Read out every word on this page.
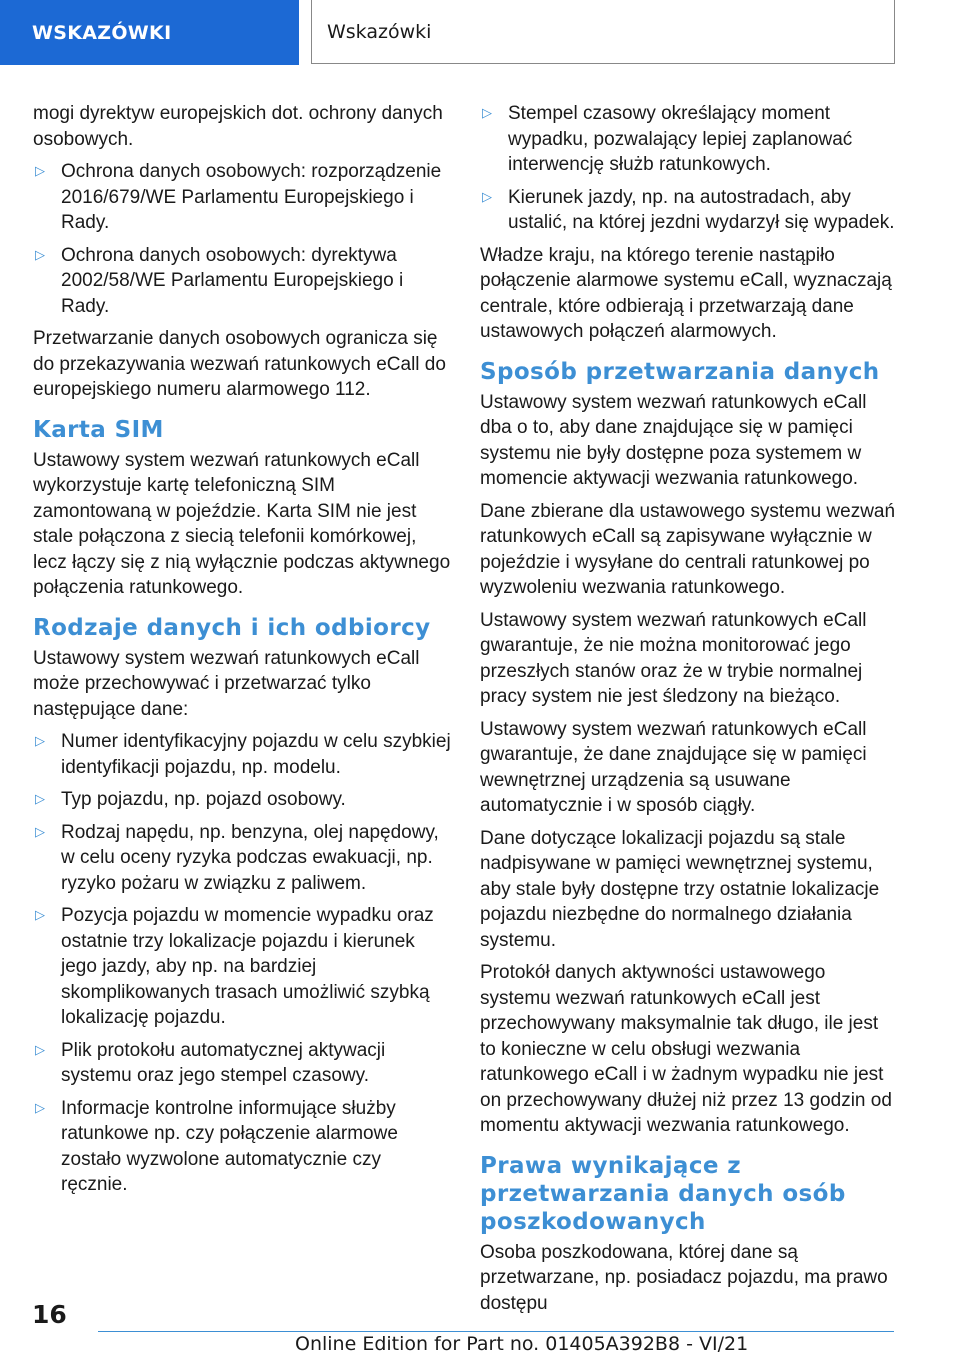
WSKAZÓWKI	Wskazówki

mogi dyrektyw europejskich dot. ochrony danych osobowych.

▷ Ochrona danych osobowych: rozporządzenie 2016/679/WE Parlamentu Europejskiego i Rady.
▷ Ochrona danych osobowych: dyrektywa 2002/58/WE Parlamentu Europejskiego i Rady.

Przetwarzanie danych osobowych ogranicza się do przekazywania wezwań ratunkowych eCall do europejskiego numeru alarmowego 112.

Karta SIM

Ustawowy system wezwań ratunkowych eCall wykorzystuje kartę telefoniczną SIM zamontowaną w pojeździe. Karta SIM nie jest stale połączona z siecią telefonii komórkowej, lecz łączy się z nią wyłącznie podczas aktywnego połączenia ratunkowego.

Rodzaje danych i ich odbiorcy

Ustawowy system wezwań ratunkowych eCall może przechowywać i przetwarzać tylko następujące dane:

▷ Numer identyfikacyjny pojazdu w celu szybkiej identyfikacji pojazdu, np. modelu.
▷ Typ pojazdu, np. pojazd osobowy.
▷ Rodzaj napędu, np. benzyna, olej napędowy, w celu oceny ryzyka podczas ewakuacji, np. ryzyko pożaru w związku z paliwem.
▷ Pozycja pojazdu w momencie wypadku oraz ostatnie trzy lokalizacje pojazdu i kierunek jego jazdy, aby np. na bardziej skomplikowanych trasach umożliwić szybką lokalizację pojazdu.
▷ Plik protokołu automatycznej aktywacji systemu oraz jego stempel czasowy.
▷ Informacje kontrolne informujące służby ratunkowe np. czy połączenie alarmowe zostało wyzwolone automatycznie czy ręcznie.
▷ Stempel czasowy określający moment wypadku, pozwalający lepiej zaplanować interwencję służb ratunkowych.
▷ Kierunek jazdy, np. na autostradach, aby ustalić, na której jezdni wydarzył się wypadek.

Władze kraju, na którego terenie nastąpiło połączenie alarmowe systemu eCall, wyznaczają centrale, które odbierają i przetwarzają dane ustawowych połączeń alarmowych.

Sposób przetwarzania danych

Ustawowy system wezwań ratunkowych eCall dba o to, aby dane znajdujące się w pamięci systemu nie były dostępne poza systemem w momencie aktywacji wezwania ratunkowego.

Dane zbierane dla ustawowego systemu wezwań ratunkowych eCall są zapisywane wyłącznie w pojeździe i wysyłane do centrali ratunkowej po wyzwoleniu wezwania ratunkowego.

Ustawowy system wezwań ratunkowych eCall gwarantuje, że nie można monitorować jego przeszłych stanów oraz że w trybie normalnej pracy system nie jest śledzony na bieżąco.

Ustawowy system wezwań ratunkowych eCall gwarantuje, że dane znajdujące się w pamięci wewnętrznej urządzenia są usuwane automatycznie i w sposób ciągły.

Dane dotyczące lokalizacji pojazdu są stale nadpisywane w pamięci wewnętrznej systemu, aby stale były dostępne trzy ostatnie lokalizacje pojazdu niezbędne do normalnego działania systemu.

Protokół danych aktywności ustawowego systemu wezwań ratunkowych eCall jest przechowywany maksymalnie tak długo, ile jest to konieczne w celu obsługi wezwania ratunkowego eCall i w żadnym wypadku nie jest on przechowywany dłużej niż przez 13 godzin od momentu aktywacji wezwania ratunkowego.

Prawa wynikające z przetwarzania danych osób poszkodowanych

Osoba poszkodowana, której dane są przetwarzane, np. posiadacz pojazdu, ma prawo dostępu

16
Online Edition for Part no. 01405A392B8 - VI/21
